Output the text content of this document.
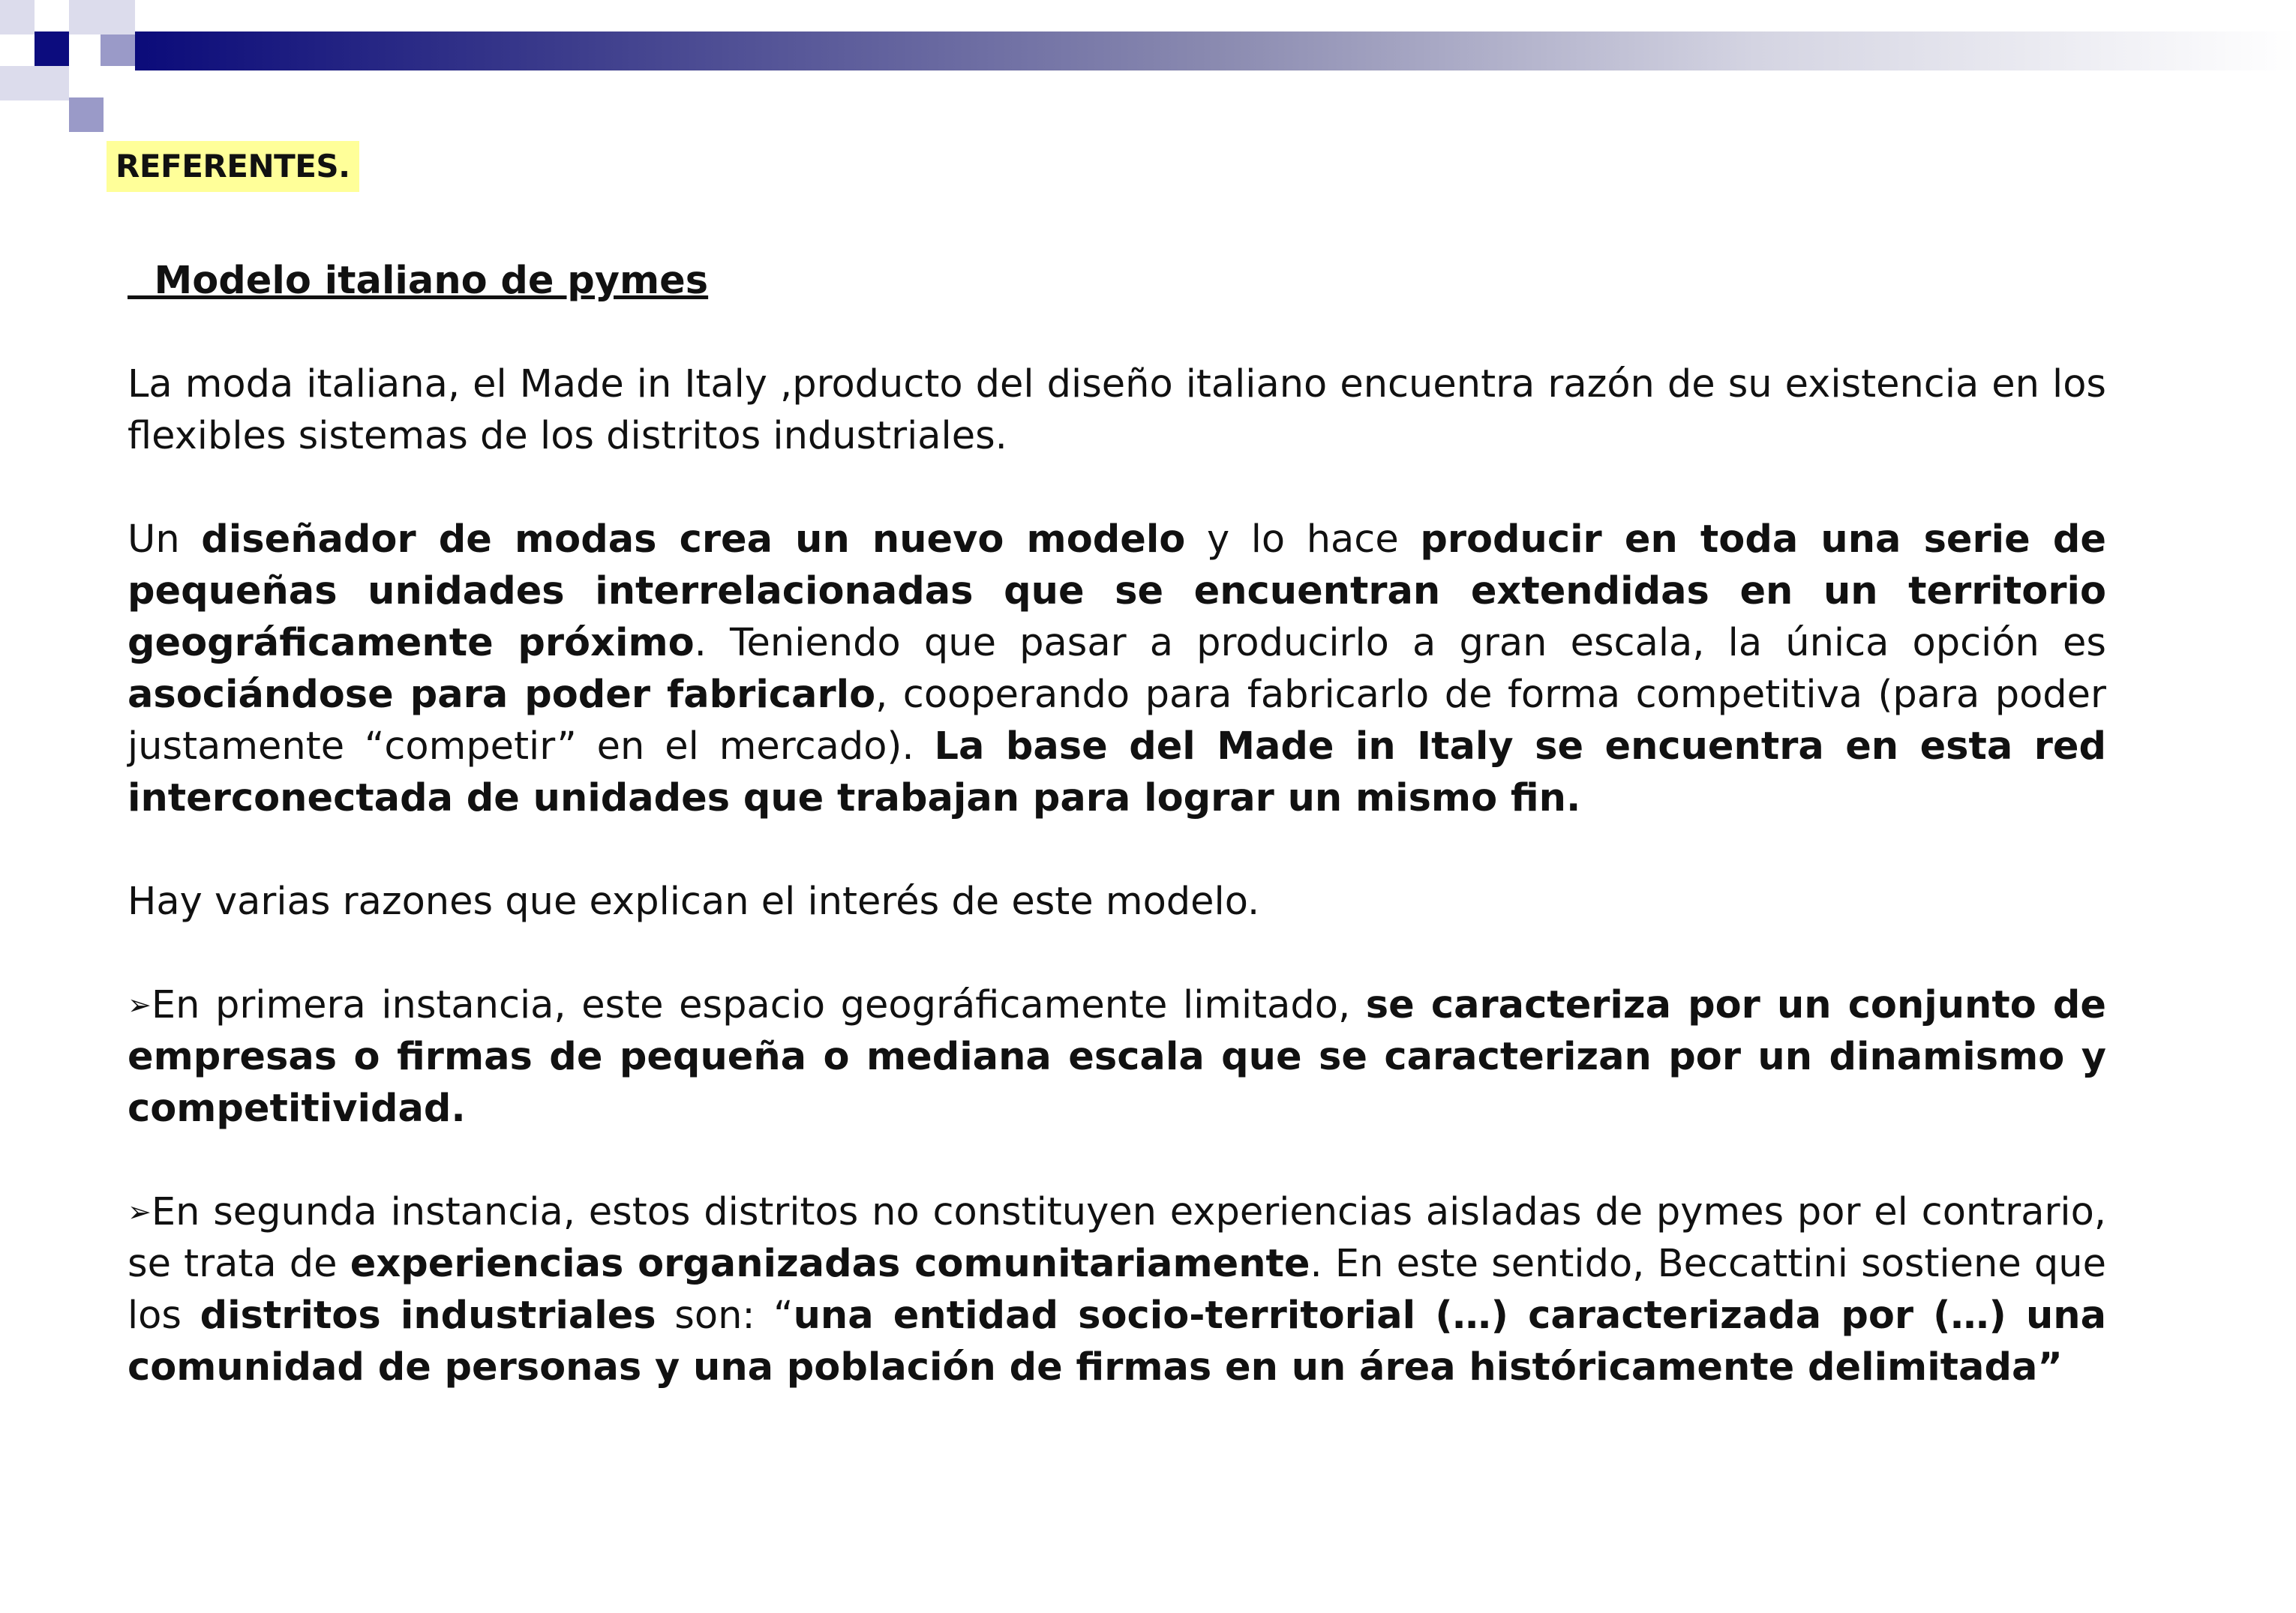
REFERENTES.
Modelo italiano de pymes

La moda italiana, el Made in Italy ,producto del diseño italiano encuentra razón de su existencia en los flexibles sistemas de los distritos industriales.

Un diseñador de modas crea un nuevo modelo y lo hace producir en toda una serie de pequeñas unidades interrelacionadas que se encuentran extendidas en un territorio geográficamente próximo. Teniendo que pasar a producirlo a gran escala, la única opción es asociándose para poder fabricarlo, cooperando para fabricarlo de forma competitiva (para poder justamente “competir” en el mercado). La base del Made in Italy se encuentra en esta red interconectada de unidades que trabajan para lograr un mismo fin.

Hay varias razones que explican el interés de este modelo.

➢En primera instancia, este espacio geográficamente limitado, se caracteriza por un conjunto de empresas o firmas de pequeña o mediana escala que se caracterizan por un dinamismo y competitividad.

➢En segunda instancia, estos distritos no constituyen experiencias aisladas de pymes por el contrario, se trata de experiencias organizadas comunitariamente. En este sentido, Beccattini sostiene que los distritos industriales son: “una entidad socio-territorial (…) caracterizada por (…) una comunidad de personas y una población de firmas en un área históricamente delimitada”
